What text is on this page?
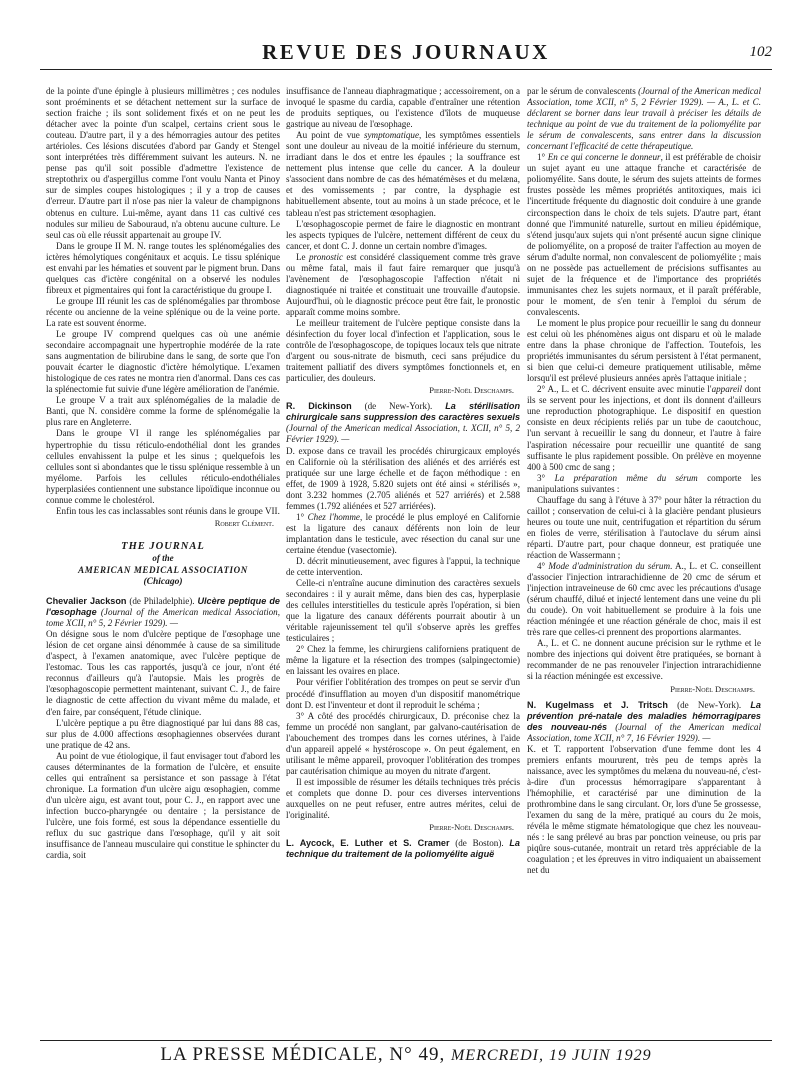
REVUE DES JOURNAUX	102

de la pointe d'une épingle à plusieurs millimètres ; ces nodules sont proéminents et se détachent nettement sur la surface de section fraiche ; ils sont solidement fixés et on ne peut les détacher avec la pointe d'un scalpel, certains crient sous le couteau. D'autre part, il y a des hémorragies autour des petites artérioles. Ces lésions discutées d'abord par Gandy et Stengel sont interprétées très différemment suivant les auteurs. N. ne pense pas qu'il soit possible d'admettre l'existence de streptothrix ou d'aspergillus comme l'ont voulu Nanta et Pinoy sur de simples coupes histologiques ; il y a trop de causes d'erreur. D'autre part il n'ose pas nier la valeur de champignons obtenus en culture. Lui-même, ayant dans 11 cas cultivé ces nodules sur milieu de Sabouraud, n'a obtenu aucune culture. Le seul cas où elle réussit appartenait au groupe IV.

Dans le groupe II M. N. range toutes les splénomégalies des ictères hémolytiques congénitaux et acquis. Le tissu splénique est envahi par les hématies et souvent par le pigment brun. Dans quelques cas d'ictère congénital on a observé les nodules fibreux et pigmentaires qui font la caractéristique du groupe I.

Le groupe III réunit les cas de splénomégalies par thrombose récente ou ancienne de la veine splénique ou de la veine porte. La rate est souvent énorme.

Le groupe IV comprend quelques cas où une anémie secondaire accompagnait une hypertrophie modérée de la rate sans augmentation de bilirubine dans le sang, de sorte que l'on pouvait écarter le diagnostic d'ictère hémolytique. L'examen histologique de ces rates ne montra rien d'anormal. Dans ces cas la splénectomie fut suivie d'une légère amélioration de l'anémie.

Le groupe V a trait aux splénomégalies de la maladie de Banti, que N. considère comme la forme de splénomégalie la plus rare en Angleterre.

Dans le groupe VI il range les splénomégalies par hypertrophie du tissu réticulo-endothélial dont les grandes cellules envahissent la pulpe et les sinus ; quelquefois les cellules sont si abondantes que le tissu splénique ressemble à un myélome. Parfois les cellules réticulo-endothéliales hyperplasiées contiennent une substance lipoïdique inconnue ou connue comme le cholestérol.

Enfin tous les cas inclassables sont réunis dans le groupe VII.

Robert Clément.
THE JOURNAL
of the
AMERICAN MEDICAL ASSOCIATION
(Chicago)

Chevalier Jackson (de Philadelphie). Ulcère peptique de l'œsophage (Journal of the American medical Association, tome XCII, n° 5, 2 Février 1929). —

On désigne sous le nom d'ulcère peptique de l'œsophage une lésion de cet organe ainsi dénommée à cause de sa similitude d'aspect, à l'examen anatomique, avec l'ulcère peptique de l'estomac. Tous les cas rapportés, jusqu'à ce jour, n'ont été reconnus d'ailleurs qu'à l'autopsie. Mais les progrès de l'œsophagoscopie permettent maintenant, suivant C. J., de faire le diagnostic de cette affection du vivant même du malade, et d'en faire, par conséquent, l'étude clinique.

L'ulcère peptique a pu être diagnostiqué par lui dans 88 cas, sur plus de 4.000 affections œsophagiennes observées durant une pratique de 42 ans.

Au point de vue étiologique, il faut envisager tout d'abord les causes déterminantes de la formation de l'ulcère, et ensuite celles qui entraînent sa persistance et son passage à l'état chronique. La formation d'un ulcère aigu œsophagien, comme d'un ulcère aigu, est avant tout, pour C. J., en rapport avec une infection bucco-pharyngée ou dentaire ; la persistance de l'ulcère, une fois formé, est sous la dépendance essentielle du reflux du suc gastrique dans l'œsophage, qu'il y ait soit insuffisance de l'anneau musculaire qui constitue le sphincter du cardia, soit

insuffisance de l'anneau diaphragmatique ; accessoirement, on a invoqué le spasme du cardia, capable d'entraîner une rétention de produits septiques, ou l'existence d'îlots de muqueuse gastrique au niveau de l'œsophage.

Au point de vue symptomatique, les symptômes essentiels sont une douleur au niveau de la moitié inférieure du sternum, irradiant dans le dos et entre les épaules ; la souffrance est nettement plus intense que celle du cancer. A la douleur s'associent dans nombre de cas des hématémèses et du melæna, et des vomissements ; par contre, la dysphagie est habituellement absente, tout au moins à un stade précoce, et le tableau n'est pas strictement œsophagien.

L'œsophagoscopie permet de faire le diagnostic en montrant les aspects typiques de l'ulcère, nettement différent de ceux du cancer, et dont C. J. donne un certain nombre d'images.

Le pronostic est considéré classiquement comme très grave ou même fatal, mais il faut faire remarquer que jusqu'à l'avènement de l'œsophagoscopie l'affection n'était ni diagnostiquée ni traitée et constituait une trouvaille d'autopsie. Aujourd'hui, où le diagnostic précoce peut être fait, le pronostic apparaît comme moins sombre.

Le meilleur traitement de l'ulcère peptique consiste dans la désinfection du foyer local d'infection et l'application, sous le contrôle de l'œsophagoscope, de topiques locaux tels que nitrate d'argent ou sous-nitrate de bismuth, ceci sans préjudice du traitement palliatif des divers symptômes fonctionnels et, en particulier, des douleurs.

Pierre-Noël Deschamps.

R. Dickinson (de New-York). La stérilisation chirurgicale sans suppression des caractères sexuels (Journal of the American medical Association, t. XCII, n° 5, 2 Février 1929). —

D. expose dans ce travail les procédés chirurgicaux employés en Californie où la stérilisation des aliénés et des arriérés est pratiquée sur une large échelle et de façon méthodique : en effet, de 1909 à 1928, 5.820 sujets ont été ainsi « stérilisés », dont 3.232 hommes (2.705 aliénés et 527 arriérés) et 2.588 femmes (1.792 aliénées et 527 arriérées).

1° Chez l'homme, le procédé le plus employé en Californie est la ligature des canaux déférents non loin de leur implantation dans le testicule, avec résection du canal sur une certaine étendue (vasectomie).

D. décrit minutieusement, avec figures à l'appui, la technique de cette intervention.

Celle-ci n'entraîne aucune diminution des caractères sexuels secondaires : il y aurait même, dans bien des cas, hyperplasie des cellules interstitielles du testicule après l'opération, si bien que la ligature des canaux déférents pourrait aboutir à un véritable rajeunissement tel qu'il s'observe après les greffes testiculaires ;

2° Chez la femme, les chirurgiens californiens pratiquent de même la ligature et la résection des trompes (salpingectomie) en laissant les ovaires en place.

Pour vérifier l'oblitération des trompes on peut se servir d'un procédé d'insufflation au moyen d'un dispositif manométrique dont D. est l'inventeur et dont il reproduit le schéma ;

3° A côté des procédés chirurgicaux, D. préconise chez la femme un procédé non sanglant, par galvano-cautérisation de l'abouchement des trompes dans les cornes utérines, à l'aide d'un appareil appelé « hystéroscope ». On peut également, en utilisant le même appareil, provoquer l'oblitération des trompes par cautérisation chimique au moyen du nitrate d'argent.

Il est impossible de résumer les détails techniques très précis et complets que donne D. pour ces diverses interventions auxquelles on ne peut refuser, entre autres mérites, celui de l'originalité.

Pierre-Noël Deschamps.

L. Aycock, E. Luther et S. Cramer (de Boston). La technique du traitement de la poliomyélite aiguë

par le sérum de convalescents (Journal of the American medical Association, tome XCII, n° 5, 2 Février 1929). — A., L. et C. déclarent se borner dans leur travail à préciser les détails de technique au point de vue du traitement de la poliomyélite par le sérum de convalescents, sans entrer dans la discussion concernant l'efficacité de cette thérapeutique.

1° En ce qui concerne le donneur, il est préférable de choisir un sujet ayant eu une attaque franche et caractérisée de poliomyélite. Sans doute, le sérum des sujets atteints de formes frustes possède les mêmes propriétés antitoxiques, mais ici l'incertitude fréquente du diagnostic doit conduire à une grande circonspection dans le choix de tels sujets. D'autre part, étant donné que l'immunité naturelle, surtout en milieu épidémique, s'étend jusqu'aux sujets qui n'ont présenté aucun signe clinique de poliomyélite, on a proposé de traiter l'affection au moyen de sérum d'adulte normal, non convalescent de poliomyélite ; mais on ne possède pas actuellement de précisions suffisantes au sujet de la fréquence et de l'importance des propriétés immunisantes chez les sujets normaux, et il paraît préférable, pour le moment, de s'en tenir à l'emploi du sérum de convalescents.

Le moment le plus propice pour recueillir le sang du donneur est celui où les phénomènes aigus ont disparu et où le malade entre dans la phase chronique de l'affection. Toutefois, les propriétés immunisantes du sérum persistent à l'état permanent, si bien que celui-ci demeure pratiquement utilisable, même lorsqu'il est prélevé plusieurs années après l'attaque initiale ;

2° A., L. et C. décrivent ensuite avec minutie l'appareil dont ils se servent pour les injections, et dont ils donnent d'ailleurs une reproduction photographique. Le dispositif en question consiste en deux récipients reliés par un tube de caoutchouc, l'un servant à recueillir le sang du donneur, et l'autre à faire l'aspiration nécessaire pour recueillir une quantité de sang suffisante le plus rapidement possible. On prélève en moyenne 400 à 500 cmc de sang ;

3° La préparation même du sérum comporte les manipulations suivantes :

Chauffage du sang à l'étuve à 37° pour hâter la rétraction du caillot ; conservation de celui-ci à la glacière pendant plusieurs heures ou toute une nuit, centrifugation et répartition du sérum en fioles de verre, stérilisation à l'autoclave du sérum ainsi réparti. D'autre part, pour chaque donneur, est pratiquée une réaction de Wassermann ;

4° Mode d'administration du sérum. A., L. et C. conseillent d'associer l'injection intrarachidienne de 20 cmc de sérum et l'injection intraveineuse de 60 cmc avec les précautions d'usage (sérum chauffé, dilué et injecté lentement dans une veine du pli du coude). On voit habituellement se produire à la fois une réaction méningée et une réaction générale de choc, mais il est très rare que celles-ci prennent des proportions alarmantes.

A., L. et C. ne donnent aucune précision sur le rythme et le nombre des injections qui doivent être pratiquées, se bornant à recommander de ne pas renouveler l'injection intrarachidienne si la réaction méningée est excessive.

Pierre-Noël Deschamps.

N. Kugelmass et J. Tritsch (de New-York). La prévention pré-natale des maladies hémorragipares des nouveau-nés (Journal of the American medical Association, tome XCII, n° 7, 16 Février 1929). —

K. et T. rapportent l'observation d'une femme dont les 4 premiers enfants moururent, très peu de temps après la naissance, avec les symptômes du melæna du nouveau-né, c'est-à-dire d'un processus hémorragipare s'apparentant à l'hémophilie, et caractérisé par une diminution de la prothrombine dans le sang circulant. Or, lors d'une 5e grossesse, l'examen du sang de la mère, pratiqué au cours du 2e mois, révéla le même stigmate hématologique que chez les nouveau-nés : le sang prélevé au bras par ponction veineuse, ou pris par piqûre sous-cutanée, montrait un retard très appréciable de la coagulation ; et les épreuves in vitro indiquaient un abaissement net du

LA PRESSE MÉDICALE, N° 49, MERCREDI, 19 JUIN 1929
